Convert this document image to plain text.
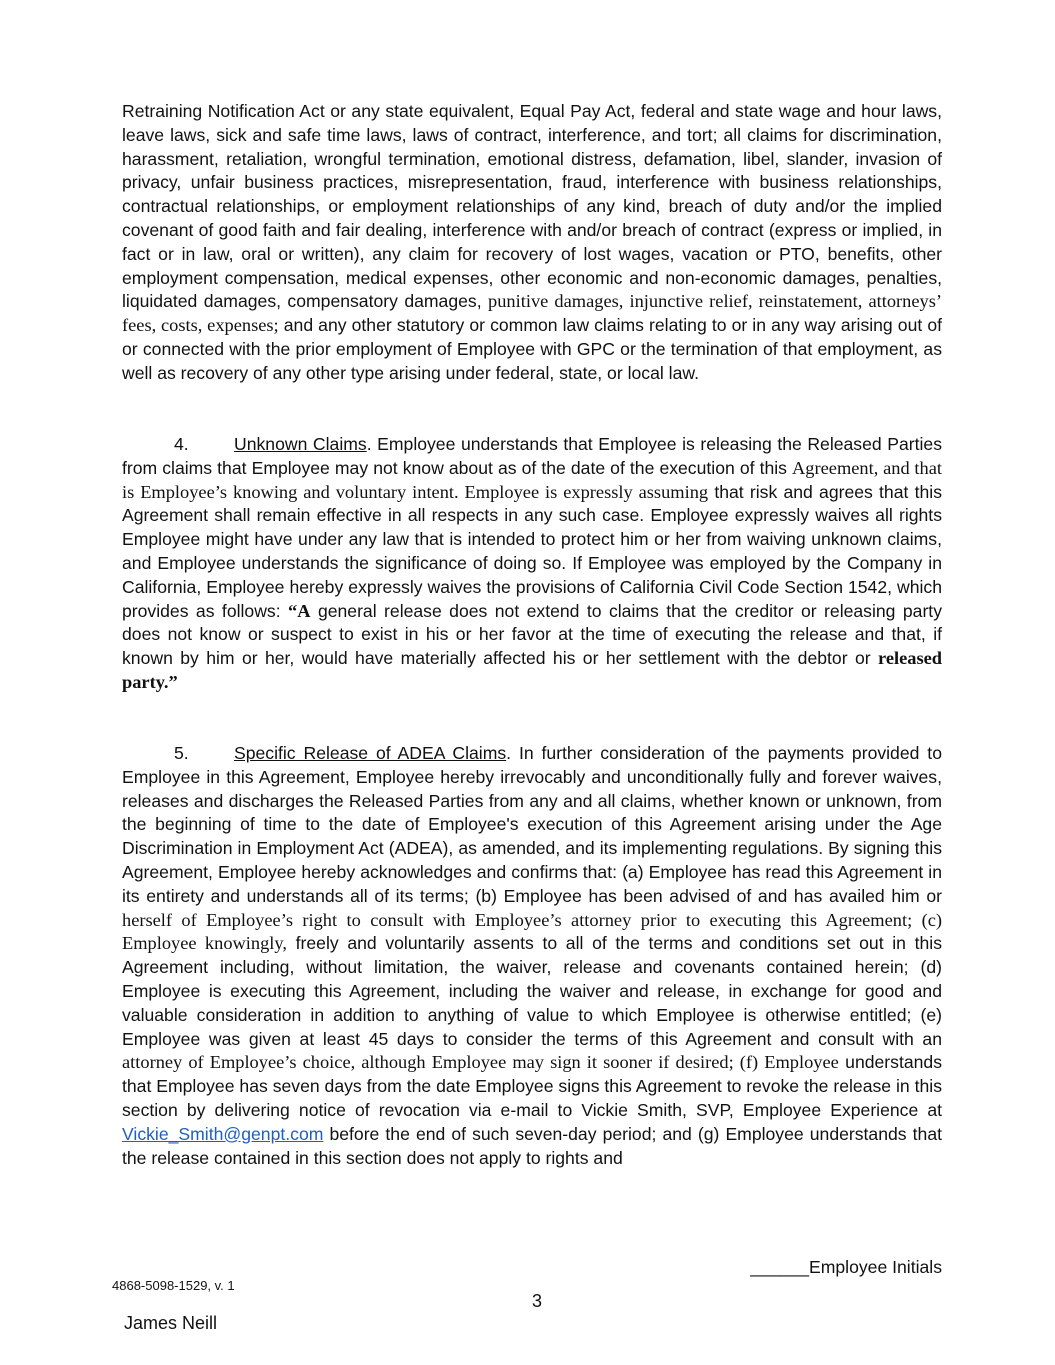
Retraining Notification Act or any state equivalent, Equal Pay Act, federal and state wage and hour laws, leave laws, sick and safe time laws, laws of contract, interference, and tort; all claims for discrimination, harassment, retaliation, wrongful termination, emotional distress, defamation, libel, slander, invasion of privacy, unfair business practices, misrepresentation, fraud, interference with business relationships, contractual relationships, or employment relationships of any kind, breach of duty and/or the implied covenant of good faith and fair dealing, interference with and/or breach of contract (express or implied, in fact or in law, oral or written), any claim for recovery of lost wages, vacation or PTO, benefits, other employment compensation, medical expenses, other economic and non-economic damages, penalties, liquidated damages, compensatory damages, punitive damages, injunctive relief, reinstatement, attorneys’ fees, costs, expenses; and any other statutory or common law claims relating to or in any way arising out of or connected with the prior employment of Employee with GPC or the termination of that employment, as well as recovery of any other type arising under federal, state, or local law.

4.	Unknown Claims. Employee understands that Employee is releasing the Released Parties from claims that Employee may not know about as of the date of the execution of this Agreement, and that is Employee’s knowing and voluntary intent. Employee is expressly assuming that risk and agrees that this Agreement shall remain effective in all respects in any such case. Employee expressly waives all rights Employee might have under any law that is intended to protect him or her from waiving unknown claims, and Employee understands the significance of doing so. If Employee was employed by the Company in California, Employee hereby expressly waives the provisions of California Civil Code Section 1542, which provides as follows: “A general release does not extend to claims that the creditor or releasing party does not know or suspect to exist in his or her favor at the time of executing the release and that, if known by him or her, would have materially affected his or her settlement with the debtor or released party.”

5.	Specific Release of ADEA Claims. In further consideration of the payments provided to Employee in this Agreement, Employee hereby irrevocably and unconditionally fully and forever waives, releases and discharges the Released Parties from any and all claims, whether known or unknown, from the beginning of time to the date of Employee's execution of this Agreement arising under the Age Discrimination in Employment Act (ADEA), as amended, and its implementing regulations. By signing this Agreement, Employee hereby acknowledges and confirms that: (a) Employee has read this Agreement in its entirety and understands all of its terms; (b) Employee has been advised of and has availed him or herself of Employee’s right to consult with Employee’s attorney prior to executing this Agreement; (c) Employee knowingly, freely and voluntarily assents to all of the terms and conditions set out in this Agreement including, without limitation, the waiver, release and covenants contained herein; (d) Employee is executing this Agreement, including the waiver and release, in exchange for good and valuable consideration in addition to anything of value to which Employee is otherwise entitled; (e) Employee was given at least 45 days to consider the terms of this Agreement and consult with an attorney of Employee’s choice, although Employee may sign it sooner if desired; (f) Employee understands that Employee has seven days from the date Employee signs this Agreement to revoke the release in this section by delivering notice of revocation via e-mail to Vickie Smith, SVP, Employee Experience at Vickie_Smith@genpt.com before the end of such seven-day period; and (g) Employee understands that the release contained in this section does not apply to rights and

______Employee Initials
4868-5098-1529, v. 1
3
James Neill
